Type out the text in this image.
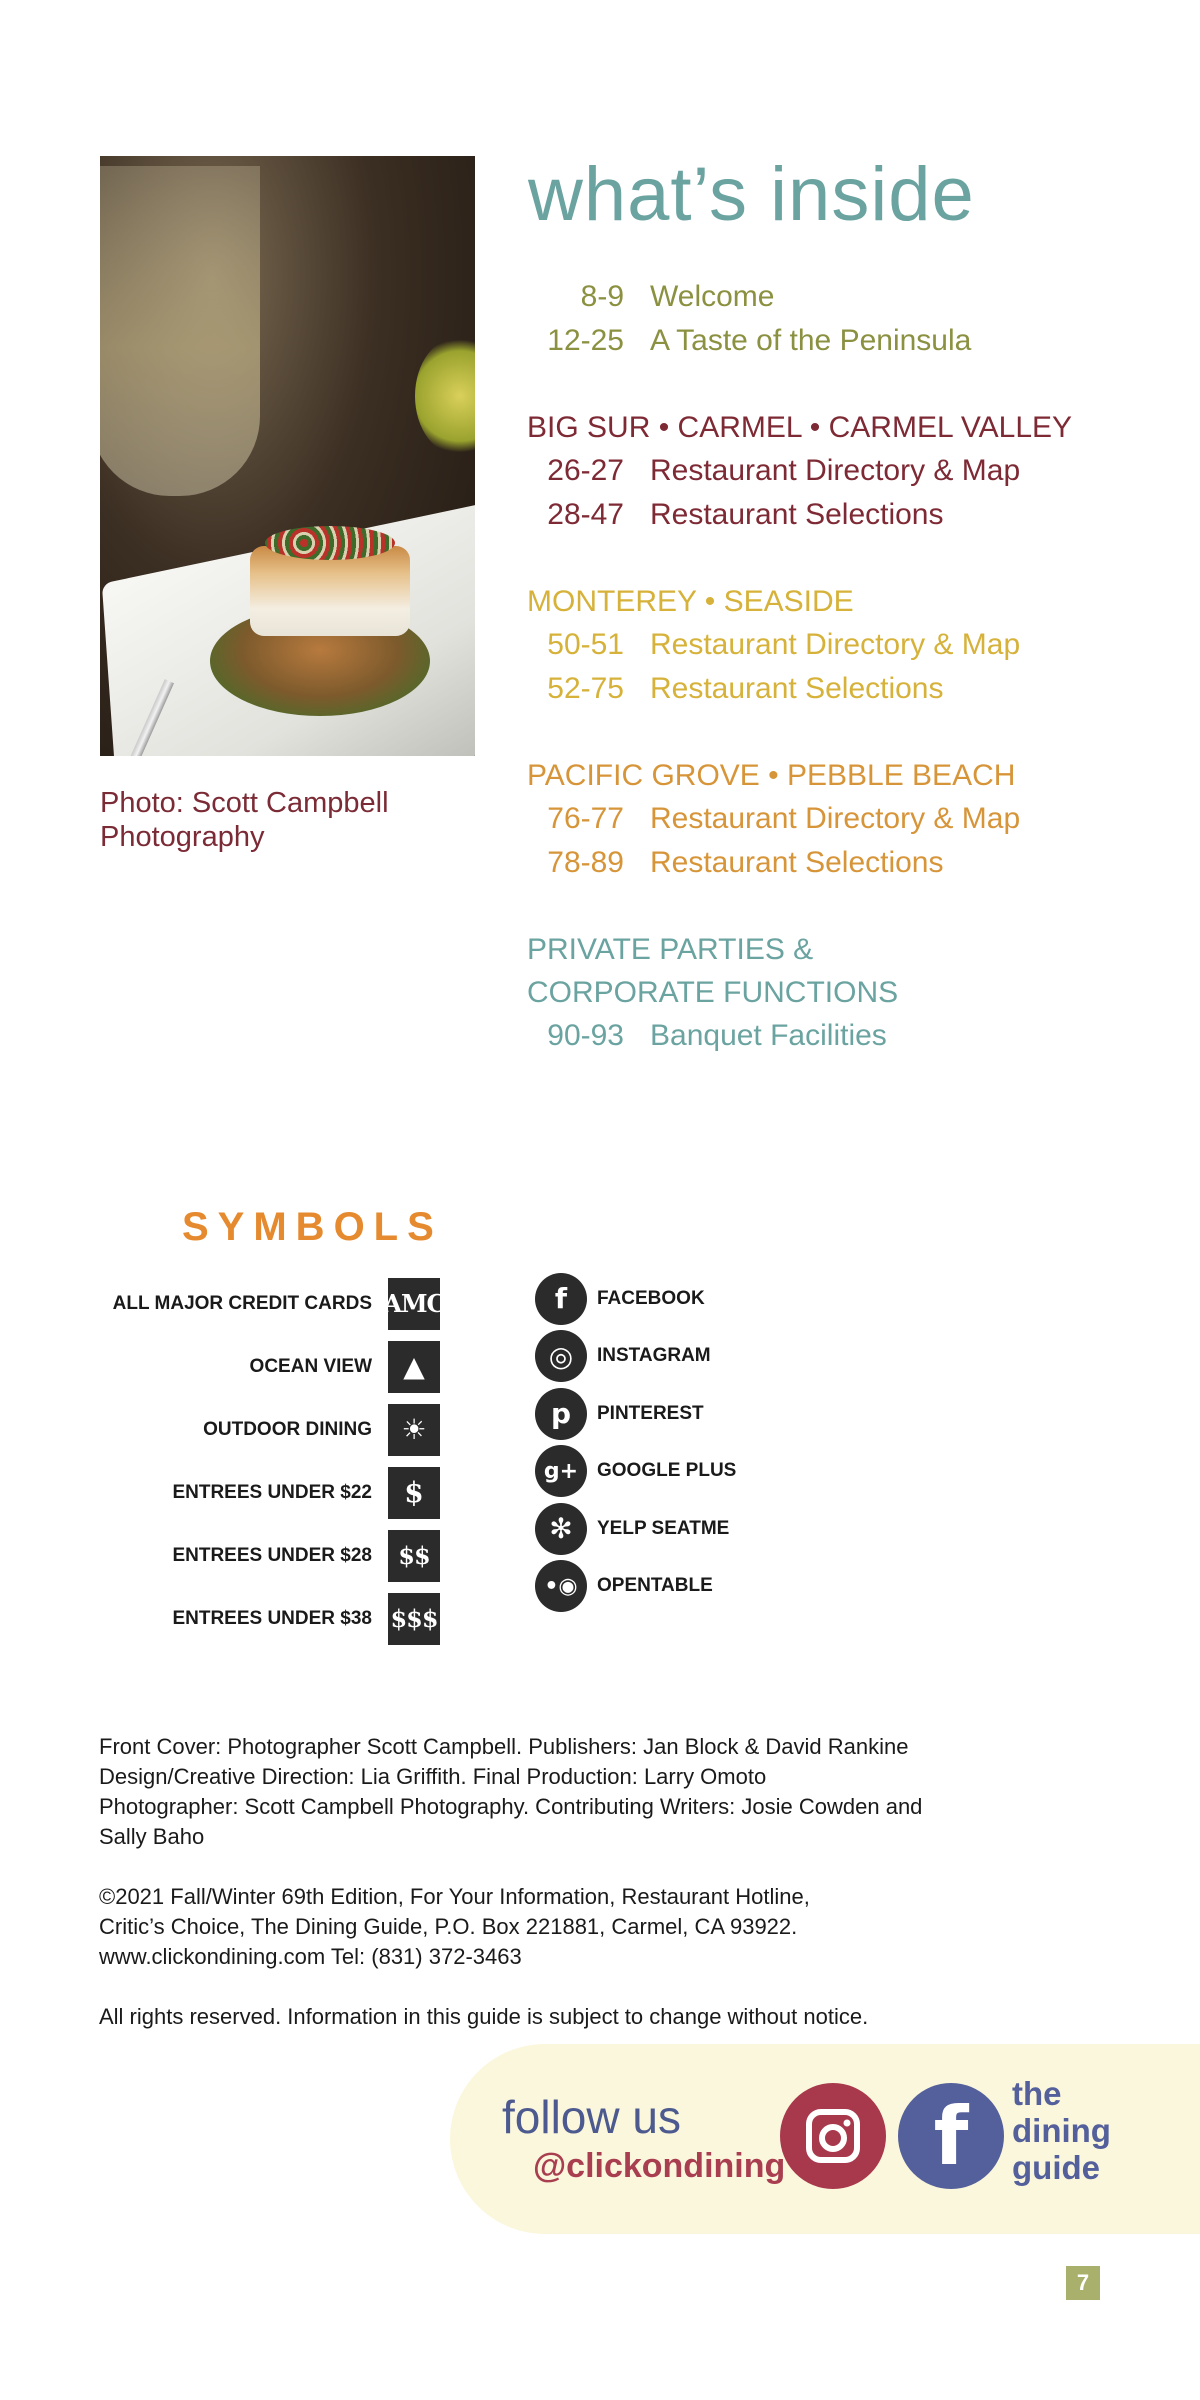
Photo: Scott Campbell Photography
what’s inside
8-9 Welcome
12-25 A Taste of the Peninsula
BIG SUR • CARMEL • CARMEL VALLEY
26-27 Restaurant Directory & Map
28-47 Restaurant Selections
MONTEREY • SEASIDE
50-51 Restaurant Directory & Map
52-75 Restaurant Selections
PACIFIC GROVE • PEBBLE BEACH
76-77 Restaurant Directory & Map
78-89 Restaurant Selections
PRIVATE PARTIES &
CORPORATE FUNCTIONS
90-93 Banquet Facilities
SYMBOLS
ALL MAJOR CREDIT CARDS AMC
OCEAN VIEW	▲
OUTDOOR DINING	☀
ENTREES UNDER $22	$
ENTREES UNDER $28	$$
ENTREES UNDER $38 $$$
f	FACEBOOK
◎	INSTAGRAM
p	PINTEREST
g+ GOOGLE PLUS
✻	YELP SEATME
•◉	OPENTABLE
Front Cover: Photographer Scott Campbell. Publishers: Jan Block & David Rankine
Design/Creative Direction: Lia Griffith. Final Production: Larry Omoto
Photographer: Scott Campbell Photography. Contributing Writers: Josie Cowden and

Sally Baho

©2021 Fall/Winter 69th Edition, For Your Information, Restaurant Hotline,
Critic’s Choice, The Dining Guide, P.O. Box 221881, Carmel, CA 93922.

www.clickondining.com Tel: (831) 372-3463

All rights reserved. Information in this guide is subject to change without notice.

follow us
@clickondining	f	the
dining
guide
7
